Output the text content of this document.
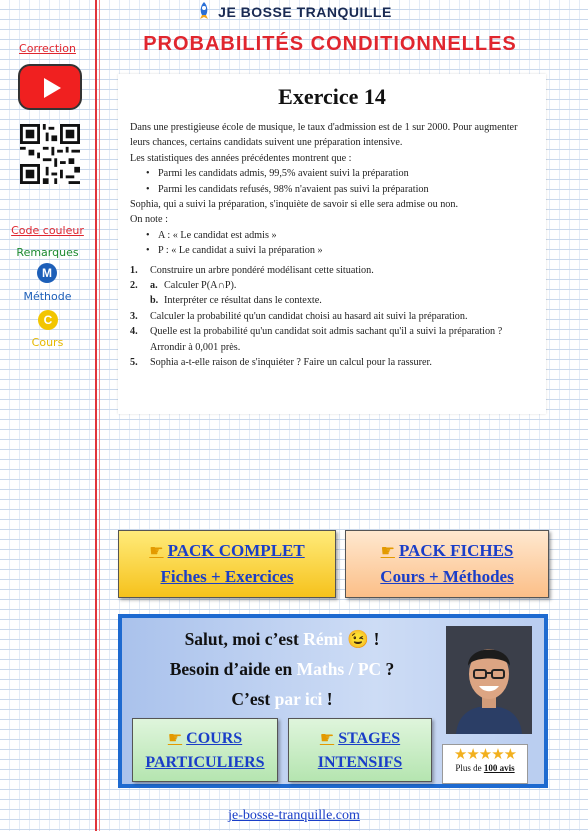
JE BOSSE TRANQUILLE
PROBABILITÉS CONDITIONNELLES
Correction
Code couleur
Remarques
M
Méthode
C
Cours
Exercice 14

Dans une prestigieuse école de musique, le taux d'admission est de 1 sur 2000. Pour augmenter leurs chances, certains candidats suivent une préparation intensive.

Les statistiques des années précédentes montrent que :

• Parmi les candidats admis, 99,5% avaient suivi la préparation
• Parmi les candidats refusés, 98% n'avaient pas suivi la préparation

Sophia, qui a suivi la préparation, s'inquiète de savoir si elle sera admise ou non.

On note :

• A : « Le candidat est admis »
• P : « Le candidat a suivi la préparation »
1.	Construire un arbre pondéré modélisant cette situation.
2.	a. Calculer P(A∩P).
b. Interpréter ce résultat dans le contexte.
3.	Calculer la probabilité qu'un candidat choisi au hasard ait suivi la préparation.
4.	Quelle est la probabilité qu'un candidat soit admis sachant qu'il a suivi la préparation ? Arrondir à 0,001 près.
5.	Sophia a-t-elle raison de s'inquiéter ? Faire un calcul pour la rassurer.
☛ PACK COMPLET
Fiches + Exercices
☛ PACK FICHES
Cours + Méthodes
Salut, moi c’est Rémi 😉 !
Besoin d’aide en Maths / PC ?
C’est par ici !
☛ COURS
PARTICULIERS
☛ STAGES
INTENSIFS	★★★★★
Plus de 100 avis
je-bosse-tranquille.com
